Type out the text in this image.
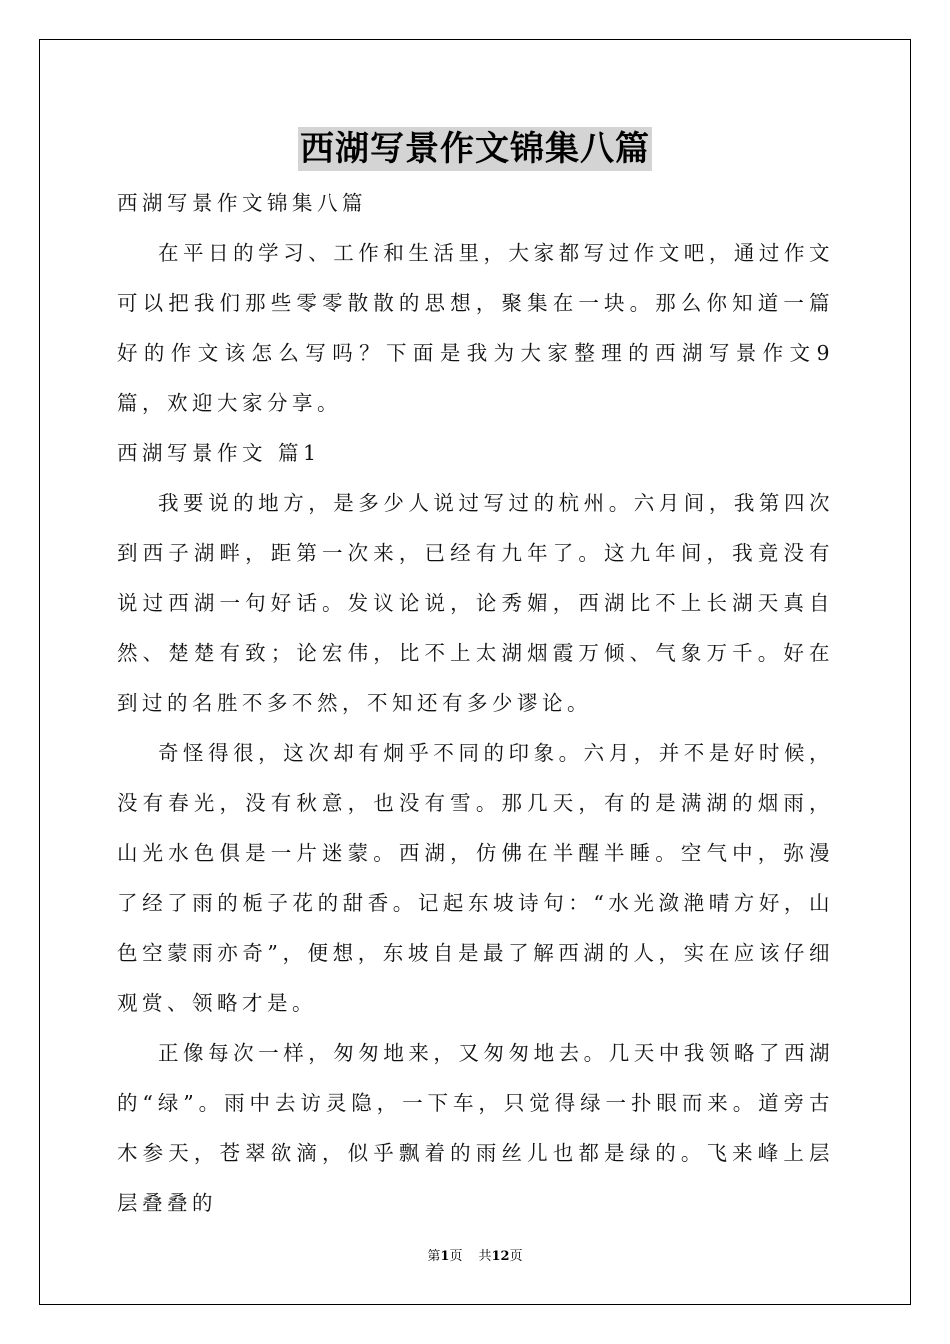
西湖写景作文锦集八篇

西湖写景作文锦集八篇

在平日的学习、工作和生活里，大家都写过作文吧，通过作文可以把我们那些零零散散的思想，聚集在一块。那么你知道一篇好的作文该怎么写吗？下面是我为大家整理的西湖写景作文9篇，欢迎大家分享。

西湖写景作文 篇1

我要说的地方，是多少人说过写过的杭州。六月间，我第四次到西子湖畔，距第一次来，已经有九年了。这九年间，我竟没有说过西湖一句好话。发议论说，论秀媚，西湖比不上长湖天真自然、楚楚有致；论宏伟，比不上太湖烟霞万倾、气象万千。好在到过的名胜不多不然，不知还有多少谬论。

奇怪得很，这次却有炯乎不同的印象。六月，并不是好时候，没有春光，没有秋意，也没有雪。那几天，有的是满湖的烟雨，山光水色俱是一片迷蒙。西湖，仿佛在半醒半睡。空气中，弥漫了经了雨的栀子花的甜香。记起东坡诗句：“水光潋滟晴方好，山色空蒙雨亦奇”，便想，东坡自是最了解西湖的人，实在应该仔细观赏、领略才是。

正像每次一样，匆匆地来，又匆匆地去。几天中我领略了西湖的“绿”。雨中去访灵隐，一下车，只觉得绿一扑眼而来。道旁古木参天，苍翠欲滴，似乎飘着的雨丝儿也都是绿的。飞来峰上层层叠叠的

第1页 共12页
